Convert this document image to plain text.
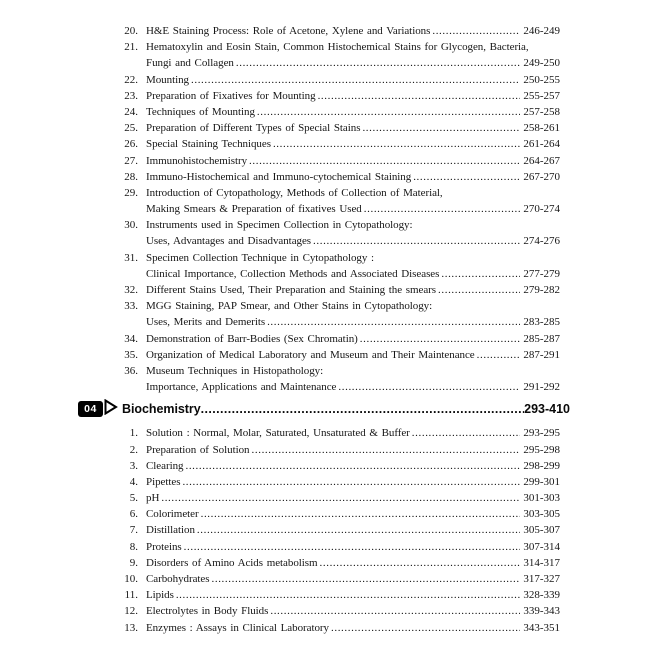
20. H&E Staining Process: Role of Acetone, Xylene and Variations .....	246-249
21. Hematoxylin and Eosin Stain, Common Histochemical Stains for Glycogen, Bacteria,
Fungi and Collagen .....	249-250
22. Mounting .....	250-255
23. Preparation of Fixatives for Mounting .....	255-257
24. Techniques of Mounting .....	257-258
25. Preparation of Different Types of Special Stains .....	258-261
26. Special Staining Techniques .....	261-264
27. Immunohistochemistry .....	264-267
28. Immuno-Histochemical and Immuno-cytochemical Staining .....	267-270
29. Introduction of Cytopathology, Methods of Collection of Material,
Making Smears & Preparation of fixatives Used .....	270-274
30. Instruments used in Specimen Collection in Cytopathology:
Uses, Advantages and Disadvantages .....	274-276
31. Specimen Collection Technique in Cytopathology :
Clinical Importance, Collection Methods and Associated Diseases .....	277-279
32. Different Stains Used, Their Preparation and Staining the smears .....	279-282
33. MGG Staining, PAP Smear, and Other Stains in Cytopathology:
Uses, Merits and Demerits .....	283-285
34. Demonstration of Barr-Bodies (Sex Chromatin) .....	285-287
35. Organization of Medical Laboratory and Museum and Their Maintenance .....	287-291
36. Museum Techniques in Histopathology:
Importance, Applications and Maintenance .....	291-292
04	Biochemistry .....	293-410
1. Solution : Normal, Molar, Saturated, Unsaturated & Buffer .....	293-295
2. Preparation of Solution .....	295-298
3. Clearing .....	298-299
4. Pipettes .....	299-301
5. pH .....	301-303
6. Colorimeter .....	303-305
7. Distillation .....	305-307
8. Proteins .....	307-314
9. Disorders of Amino Acids metabolism .....	314-317
10. Carbohydrates .....	317-327
11. Lipids .....	328-339
12. Electrolytes in Body Fluids .....	339-343
13. Enzymes : Assays in Clinical Laboratory .....	343-351
